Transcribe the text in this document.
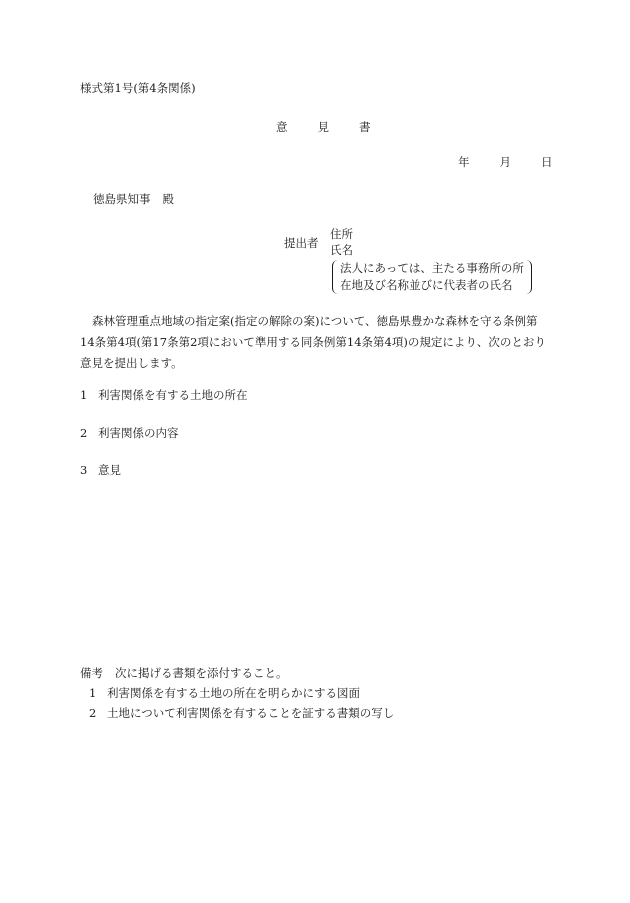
様式第1号(第4条関係)
意	見	書
年	月	日
徳島県知事 殿
提出者
住所
氏名
法人にあっては、主たる事務所の所
在地及び名称並びに代表者の氏名
森林管理重点地域の指定案(指定の解除の案)について、徳島県豊かな森林を守る条例第14条第4項(第17条第2項において準用する同条例第14条第4項)の規定により、次のとおり意見を提出します。
1 利害関係を有する土地の所在
2 利害関係の内容
3 意見
備考 次に掲げる書類を添付すること。
1 利害関係を有する土地の所在を明らかにする図面
2 土地について利害関係を有することを証する書類の写し
